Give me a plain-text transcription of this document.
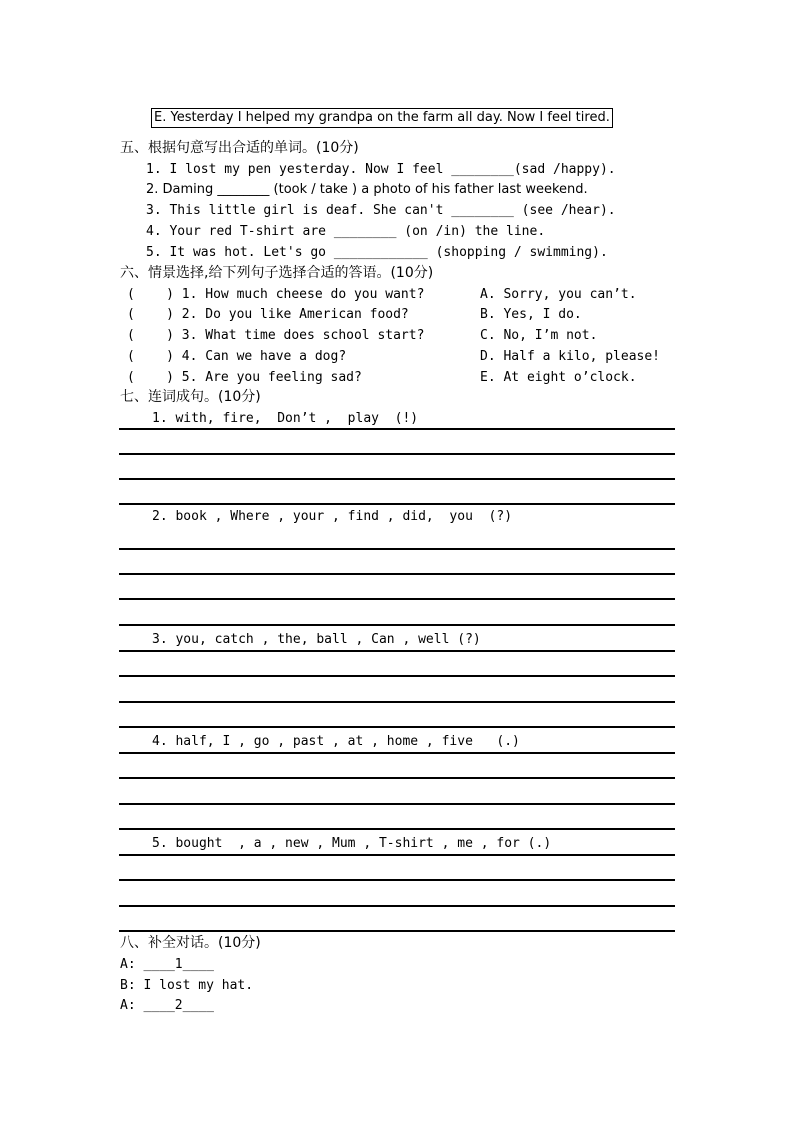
E. Yesterday I helped my grandpa on the farm all day. Now I feel tired.
五、根据句意写出合适的单词。(10分)
1. I lost my pen yesterday. Now I feel ________(sad /happy).
2. Daming ________ (took / take ) a photo of his father last weekend.
3. This little girl is deaf. She can't ________ (see /hear).
4. Your red T-shirt are ________ (on /in) the line.
5. It was hot. Let's go ____________ (shopping / swimming).
六、情景选择,给下列句子选择合适的答语。(10分)
(    ) 1. How much cheese do you want?
(    ) 2. Do you like American food?
(    ) 3. What time does school start?
(    ) 4. Can we have a dog?
(    ) 5. Are you feeling sad?
A. Sorry, you can’t.
B. Yes, I do.
C. No, I’m not.
D. Half a kilo, please!
E. At eight o’clock.
七、连词成句。(10分)
1. with, fire,  Don’t ,  play  (!)
2. book , Where , your , find , did,  you  (?)
3. you, catch , the, ball , Can , well (?)
4. half, I , go , past , at , home , five   (.)
5. bought  , a , new , Mum , T-shirt , me , for (.)
八、补全对话。(10分)
A: ____1____
B: I lost my hat.
A: ____2____
